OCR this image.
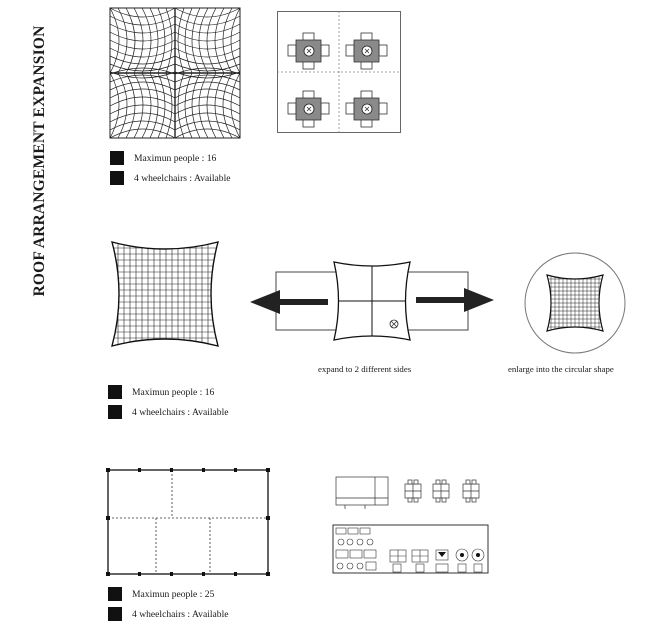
ROOF ARRANGEMENT EXPANSION	Maximun people : 16
4 wheelchairs : Available
expand to 2 different sides	enlarge into the circular shape
Maximun people : 16
4 wheelchairs : Available
Maximun people : 25
4 wheelchairs : Available
